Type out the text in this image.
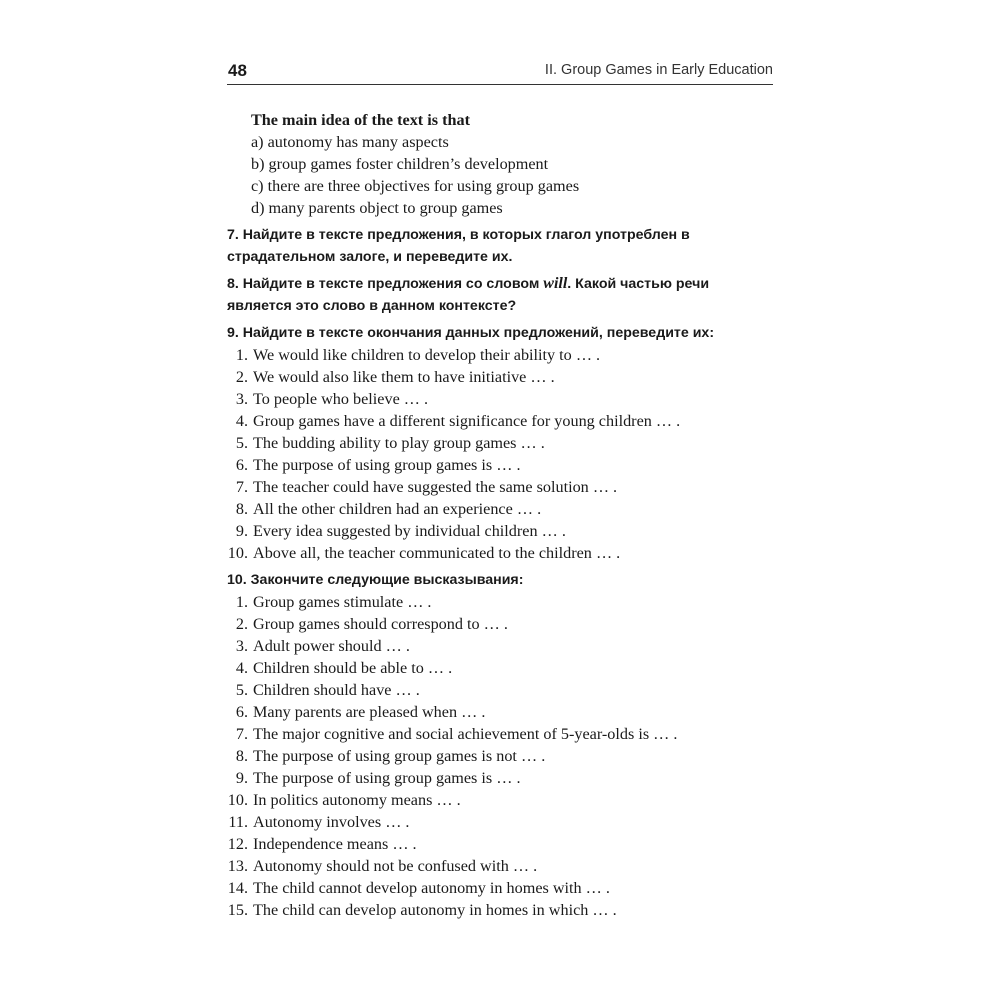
48	II. Group Games in Early Education
The main idea of the text is that
a) autonomy has many aspects
b) group games foster children’s development
c) there are three objectives for using group games
d) many parents object to group games
7. Найдите в тексте предложения, в которых глагол употреблен в страдательном залоге, и переведите их.
8. Найдите в тексте предложения со словом will. Какой частью речи является это слово в данном контексте?
9. Найдите в тексте окончания данных предложений, переведите их:
1. We would like children to develop their ability to … .
2. We would also like them to have initiative … .
3. To people who believe … .
4. Group games have a different significance for young children … .
5. The budding ability to play group games … .
6. The purpose of using group games is … .
7. The teacher could have suggested the same solution … .
8. All the other children had an experience … .
9. Every idea suggested by individual children … .
10. Above all, the teacher communicated to the children … .
10. Закончите следующие высказывания:
1. Group games stimulate … .
2. Group games should correspond to … .
3. Adult power should … .
4. Children should be able to … .
5. Children should have … .
6. Many parents are pleased when … .
7. The major cognitive and social achievement of 5-year-olds is … .
8. The purpose of using group games is not … .
9. The purpose of using group games is … .
10. In politics autonomy means … .
11. Autonomy involves … .
12. Independence means … .
13. Autonomy should not be confused with … .
14. The child cannot develop autonomy in homes with … .
15. The child can develop autonomy in homes in which … .
